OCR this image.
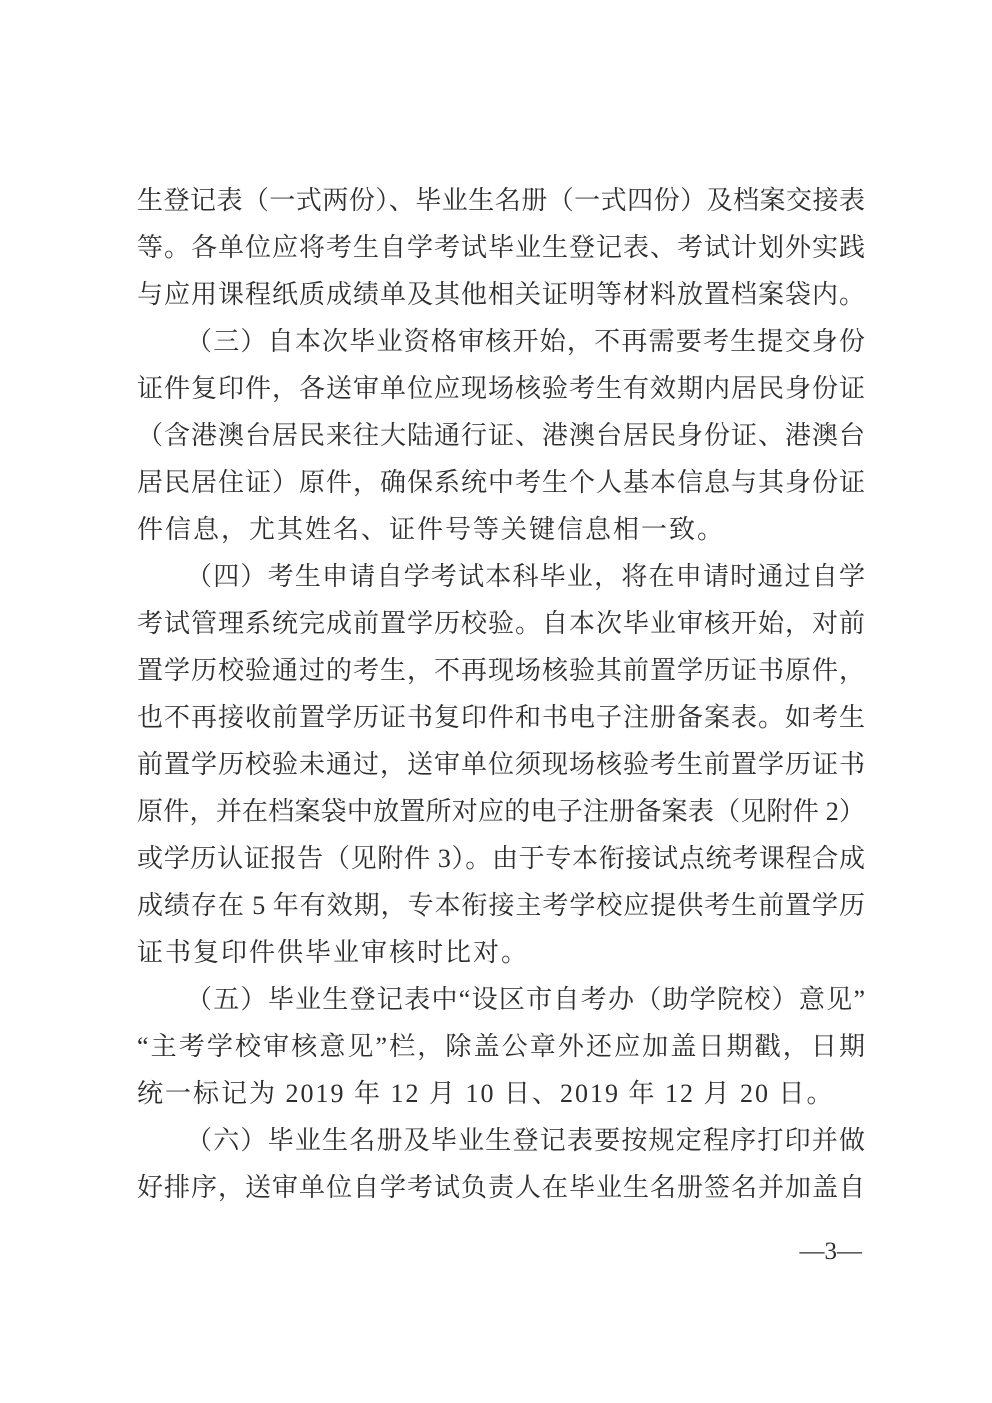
生登记表（一式两份）、毕业生名册（一式四份）及档案交接表
等。各单位应将考生自学考试毕业生登记表、考试计划外实践
与应用课程纸质成绩单及其他相关证明等材料放置档案袋内。
（三）自本次毕业资格审核开始，不再需要考生提交身份
证件复印件，各送审单位应现场核验考生有效期内居民身份证
（含港澳台居民来往大陆通行证、港澳台居民身份证、港澳台
居民居住证）原件，确保系统中考生个人基本信息与其身份证
件信息，尤其姓名、证件号等关键信息相一致。
（四）考生申请自学考试本科毕业，将在申请时通过自学
考试管理系统完成前置学历校验。自本次毕业审核开始，对前
置学历校验通过的考生，不再现场核验其前置学历证书原件，
也不再接收前置学历证书复印件和书电子注册备案表。如考生
前置学历校验未通过，送审单位须现场核验考生前置学历证书
原件，并在档案袋中放置所对应的电子注册备案表（见附件 2）
或学历认证报告（见附件 3）。由于专本衔接试点统考课程合成
成绩存在 5 年有效期，专本衔接主考学校应提供考生前置学历
证书复印件供毕业审核时比对。
（五）毕业生登记表中“设区市自考办（助学院校）意见”
“主考学校审核意见”栏，除盖公章外还应加盖日期戳，日期
统一标记为 2019 年 12 月 10 日、2019 年 12 月 20 日。
（六）毕业生名册及毕业生登记表要按规定程序打印并做
好排序，送审单位自学考试负责人在毕业生名册签名并加盖自
—3—
